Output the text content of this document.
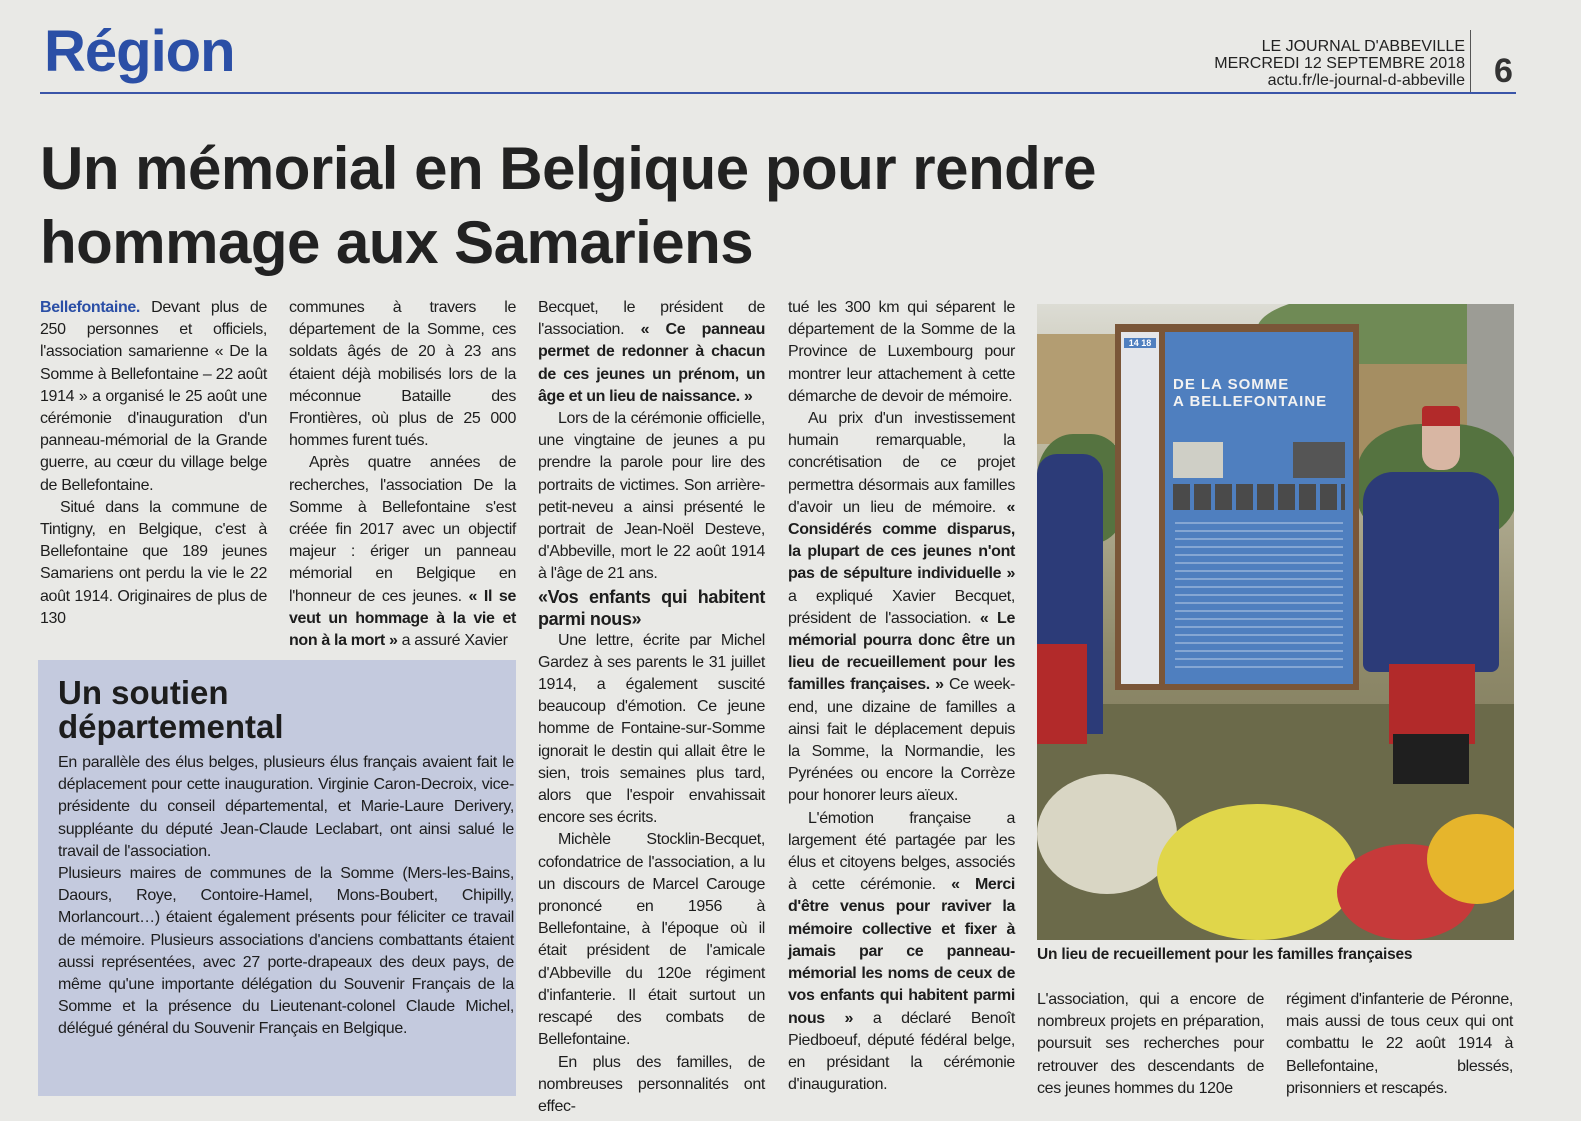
Région	LE JOURNAL D'ABBEVILLE
MERCREDI 12 SEPTEMBRE 2018
actu.fr/le-journal-d-abbeville 6
Un mémorial en Belgique pour rendre
hommage aux Samariens

Bellefontaine. Devant plus de 250 personnes et officiels, l'association samarienne « De la Somme à Bellefontaine – 22 août 1914 » a organisé le 25 août une cérémonie d'inauguration d'un panneau-mémorial de la Grande guerre, au cœur du village belge de Bellefontaine.

Situé dans la commune de Tintigny, en Belgique, c'est à Bellefontaine que 189 jeunes Samariens ont perdu la vie le 22 août 1914. Originaires de plus de 130

communes à travers le département de la Somme, ces soldats âgés de 20 à 23 ans étaient déjà mobilisés lors de la méconnue Bataille des Frontières, où plus de 25 000 hommes furent tués.

Après quatre années de recherches, l'association De la Somme à Bellefontaine s'est créée fin 2017 avec un objectif majeur : ériger un panneau mémorial en Belgique en l'honneur de ces jeunes. « Il se veut un hommage à la vie et non à la mort » a assuré Xavier

Becquet, le président de l'association. « Ce panneau permet de redonner à chacun de ces jeunes un prénom, un âge et un lieu de naissance. »

Lors de la cérémonie officielle, une vingtaine de jeunes a pu prendre la parole pour lire des portraits de victimes. Son arrière-petit-neveu a ainsi présenté le portrait de Jean-Noël Desteve, d'Abbeville, mort le 22 août 1914 à l'âge de 21 ans.

«Vos enfants qui habitent parmi nous»

Une lettre, écrite par Michel Gardez à ses parents le 31 juillet 1914, a également suscité beaucoup d'émotion. Ce jeune homme de Fontaine-sur-Somme ignorait le destin qui allait être le sien, trois semaines plus tard, alors que l'espoir envahissait encore ses écrits.

Michèle Stocklin-Becquet, cofondatrice de l'association, a lu un discours de Marcel Carouge prononcé en 1956 à Bellefontaine, à l'époque où il était président de l'amicale d'Abbeville du 120e régiment d'infanterie. Il était surtout un rescapé des combats de Bellefontaine.

En plus des familles, de nombreuses personnalités ont effec-

tué les 300 km qui séparent le département de la Somme de la Province de Luxembourg pour montrer leur attachement à cette démarche de devoir de mémoire.

Au prix d'un investissement humain remarquable, la concrétisation de ce projet permettra désormais aux familles d'avoir un lieu de mémoire. « Considérés comme disparus, la plupart de ces jeunes n'ont pas de sépulture individuelle » a expliqué Xavier Becquet, président de l'association. « Le mémorial pourra donc être un lieu de recueillement pour les familles françaises. » Ce week-end, une dizaine de familles a ainsi fait le déplacement depuis la Somme, la Normandie, les Pyrénées ou encore la Corrèze pour honorer leurs aïeux.

L'émotion française a largement été partagée par les élus et citoyens belges, associés à cette cérémonie. « Merci d'être venus pour raviver la mémoire collective et fixer à jamais par ce panneau-mémorial les noms de ceux de vos enfants qui habitent parmi nous » a déclaré Benoît Piedboeuf, député fédéral belge, en présidant la cérémonie d'inauguration.

L'association, qui a encore de nombreux projets en préparation, poursuit ses recherches pour retrouver des descendants de ces jeunes hommes du 120e

régiment d'infanterie de Péronne, mais aussi de tous ceux qui ont combattu le 22 août 1914 à Bellefontaine, blessés, prisonniers et rescapés.

Un soutien
départemental

En parallèle des élus belges, plusieurs élus français avaient fait le déplacement pour cette inauguration. Virginie Caron-Decroix, vice-présidente du conseil départemental, et Marie-Laure Derivery, suppléante du député Jean-Claude Leclabart, ont ainsi salué le travail de l'association.

Plusieurs maires de communes de la Somme (Mers-les-Bains, Daours, Roye, Contoire-Hamel, Mons-Boubert, Chipilly, Morlancourt…) étaient également présents pour féliciter ce travail de mémoire. Plusieurs associations d'anciens combattants étaient aussi représentées, avec 27 porte-drapeaux des deux pays, de même qu'une importante délégation du Souvenir Français de la Somme et la présence du Lieutenant-colonel Claude Michel, délégué général du Souvenir Français en Belgique.

14 18
DE LA SOMME
A BELLEFONTAINE
Un lieu de recueillement pour les familles françaises
